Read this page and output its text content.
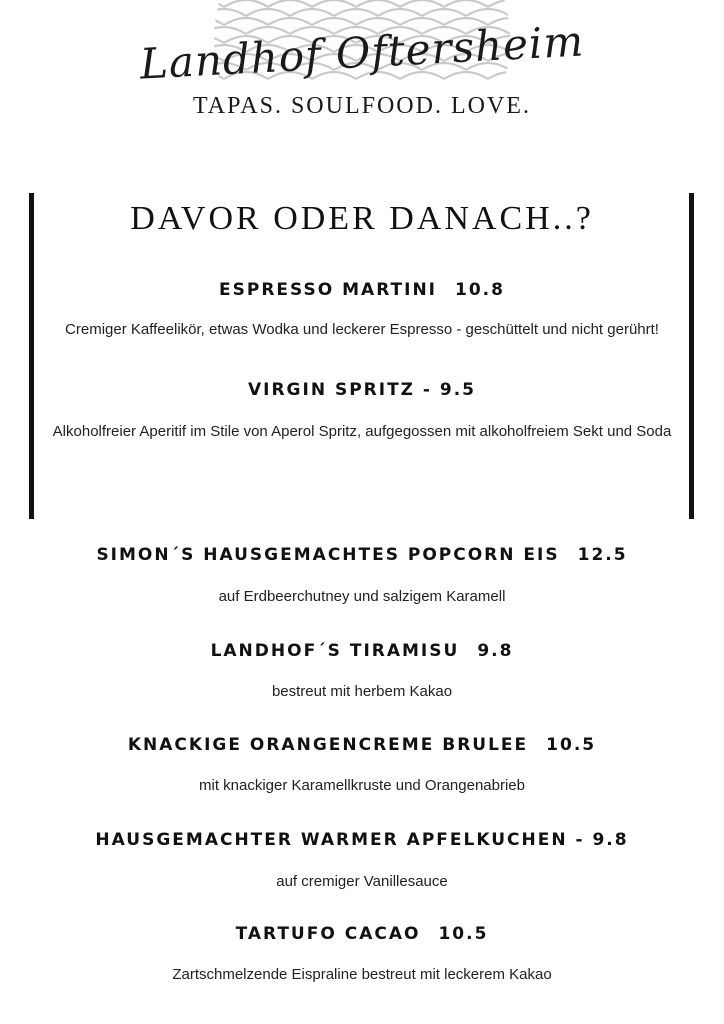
Landhof Oftersheim
TAPAS. SOULFOOD. LOVE.
DAVOR ODER DANACH..?
ESPRESSO MARTINI 10.8
Cremiger Kaffeelikör, etwas Wodka und leckerer Espresso - geschüttelt und nicht gerührt!
VIRGIN SPRITZ - 9.5
Alkoholfreier Aperitif im Stile von Aperol Spritz, aufgegossen mit alkoholfreiem Sekt und Soda
SIMON´S HAUSGEMACHTES POPCORN EIS 12.5
auf Erdbeerchutney und salzigem Karamell
LANDHOF´S TIRAMISU 9.8
bestreut mit herbem Kakao
KNACKIGE ORANGENCREME BRULEE 10.5
mit knackiger Karamellkruste und Orangenabrieb
HAUSGEMACHTER WARMER APFELKUCHEN - 9.8
auf cremiger Vanillesauce
TARTUFO CACAO 10.5
Zartschmelzende Eispraline bestreut mit leckerem Kakao
